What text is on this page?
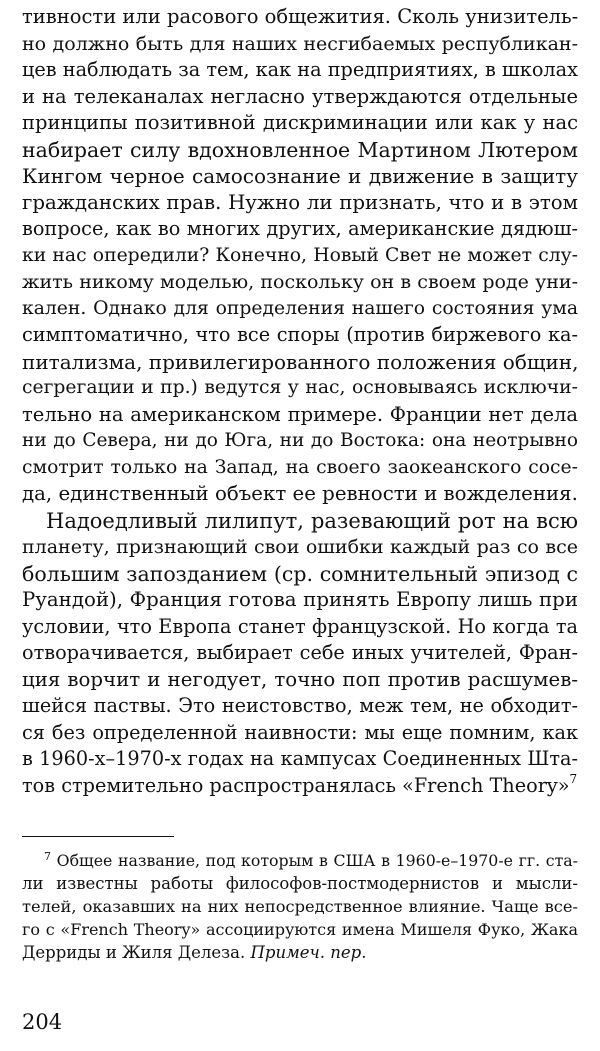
тивности или расового общежития. Сколь унизитель-
но должно быть для наших несгибаемых республикан-
цев наблюдать за тем, как на предприятиях, в школах
и на телеканалах негласно утверждаются отдельные
принципы позитивной дискриминации или как у нас
набирает силу вдохновленное Мартином Лютером
Кингом черное самосознание и движение в защиту
гражданских прав. Нужно ли признать, что и в этом
вопросе, как во многих других, американские дядюш-
ки нас опередили? Конечно, Новый Свет не может слу-
жить никому моделью, поскольку он в своем роде уни-
кален. Однако для определения нашего состояния ума
симптоматично, что все споры (против биржевого ка-
питализма, привилегированного положения общин,
сегрегации и пр.) ведутся у нас, основываясь исключи-
тельно на американском примере. Франции нет дела
ни до Севера, ни до Юга, ни до Востока: она неотрывно
смотрит только на Запад, на своего заокеанского сосе-
да, единственный объект ее ревности и вожделения.
Надоедливый лилипут, разевающий рот на всю
планету, признающий свои ошибки каждый раз со все
большим запозданием (ср. сомнительный эпизод с
Руандой), Франция готова принять Европу лишь при
условии, что Европа станет французской. Но когда та
отворачивается, выбирает себе иных учителей, Фран-
ция ворчит и негодует, точно поп против расшумев-
шейся паствы. Это неистовство, меж тем, не обходит-
ся без определенной наивности: мы еще помним, как
в 1960-х–1970-х годах на кампусах Соединенных Шта-
тов стремительно распространялась «French Theory»$^7$
$^7$ Общее название, под которым в США в 1960-е–1970-е гг. ста-
ли известны работы философов-постмодернистов и мысли-
телей, оказавших на них непосредственное влияние. Чаще все-
го с «French Theory» ассоциируются имена Мишеля Фуко, Жака
Дерриды и Жиля Делеза. Примеч. пер.
204
